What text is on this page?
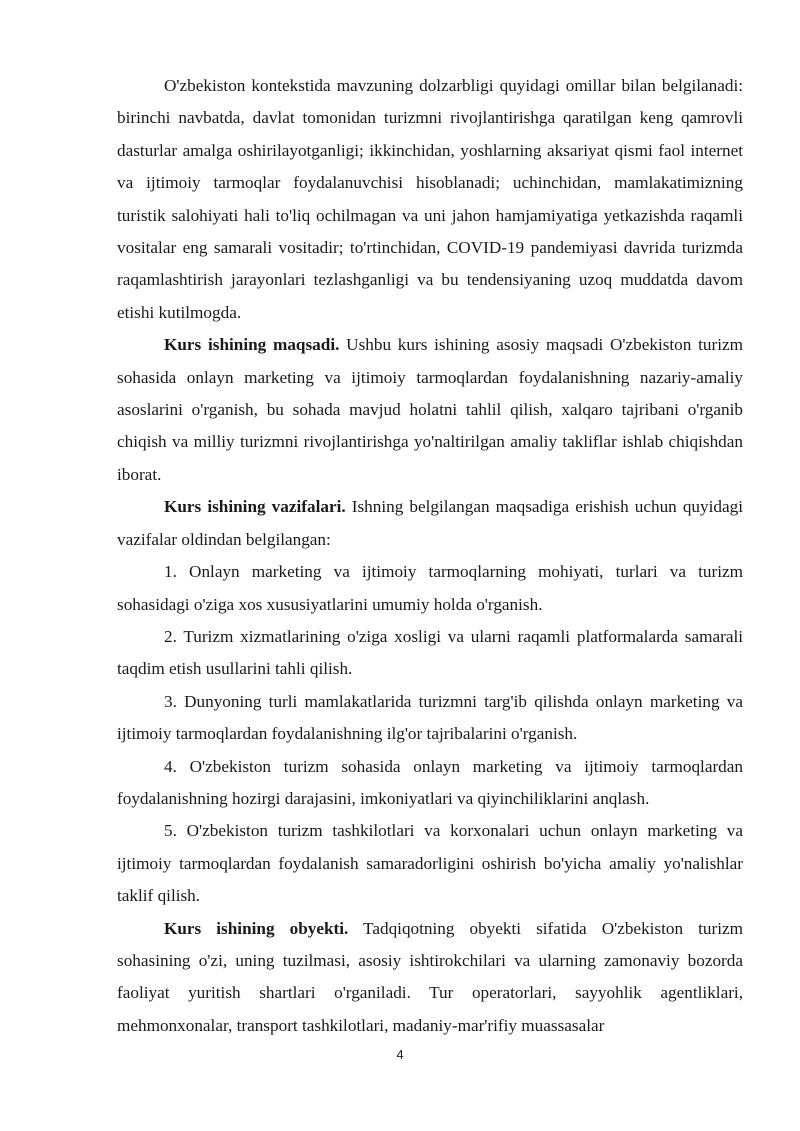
O'zbekiston kontekstida mavzuning dolzarbligi quyidagi omillar bilan belgilanadi: birinchi navbatda, davlat tomonidan turizmni rivojlantirishga qaratilgan keng qamrovli dasturlar amalga oshirilayotganligi; ikkinchidan, yoshlarning aksariyat qismi faol internet va ijtimoiy tarmoqlar foydalanuvchisi hisoblanadi; uchinchidan, mamlakatimizning turistik salohiyati hali to'liq ochilmagan va uni jahon hamjamiyatiga yetkazishda raqamli vositalar eng samarali vositadir; to'rtinchidan, COVID-19 pandemiyasi davrida turizmda raqamlashtirish jarayonlari tezlashganligi va bu tendensiyaning uzoq muddatda davom etishi kutilmogda.

Kurs ishining maqsadi. Ushbu kurs ishining asosiy maqsadi O'zbekiston turizm sohasida onlayn marketing va ijtimoiy tarmoqlardan foydalanishning nazariy-amaliy asoslarini o'rganish, bu sohada mavjud holatni tahlil qilish, xalqaro tajribani o'rganib chiqish va milliy turizmni rivojlantirishga yo'naltirilgan amaliy takliflar ishlab chiqishdan iborat.

Kurs ishining vazifalari. Ishning belgilangan maqsadiga erishish uchun quyidagi vazifalar oldindan belgilangan:

1. Onlayn marketing va ijtimoiy tarmoqlarning mohiyati, turlari va turizm sohasidagi o'ziga xos xususiyatlarini umumiy holda o'rganish.

2. Turizm xizmatlarining o'ziga xosligi va ularni raqamli platformalarda samarali taqdim etish usullarini tahli qilish.

3. Dunyoning turli mamlakatlarida turizmni targ'ib qilishda onlayn marketing va ijtimoiy tarmoqlardan foydalanishning ilg'or tajribalarini o'rganish.

4. O'zbekiston turizm sohasida onlayn marketing va ijtimoiy tarmoqlardan foydalanishning hozirgi darajasini, imkoniyatlari va qiyinchiliklarini anqlash.

5. O'zbekiston turizm tashkilotlari va korxonalari uchun onlayn marketing va ijtimoiy tarmoqlardan foydalanish samaradorligini oshirish bo'yicha amaliy yo'nalishlar taklif qilish.

Kurs ishining obyekti. Tadqiqotning obyekti sifatida O'zbekiston turizm sohasining o'zi, uning tuzilmasi, asosiy ishtirokchilari va ularning zamonaviy bozorda faoliyat yuritish shartlari o'rganiladi. Tur operatorlari, sayyohlik agentliklari, mehmonxonalar, transport tashkilotlari, madaniy-mar'rifiy muassasalar

4
